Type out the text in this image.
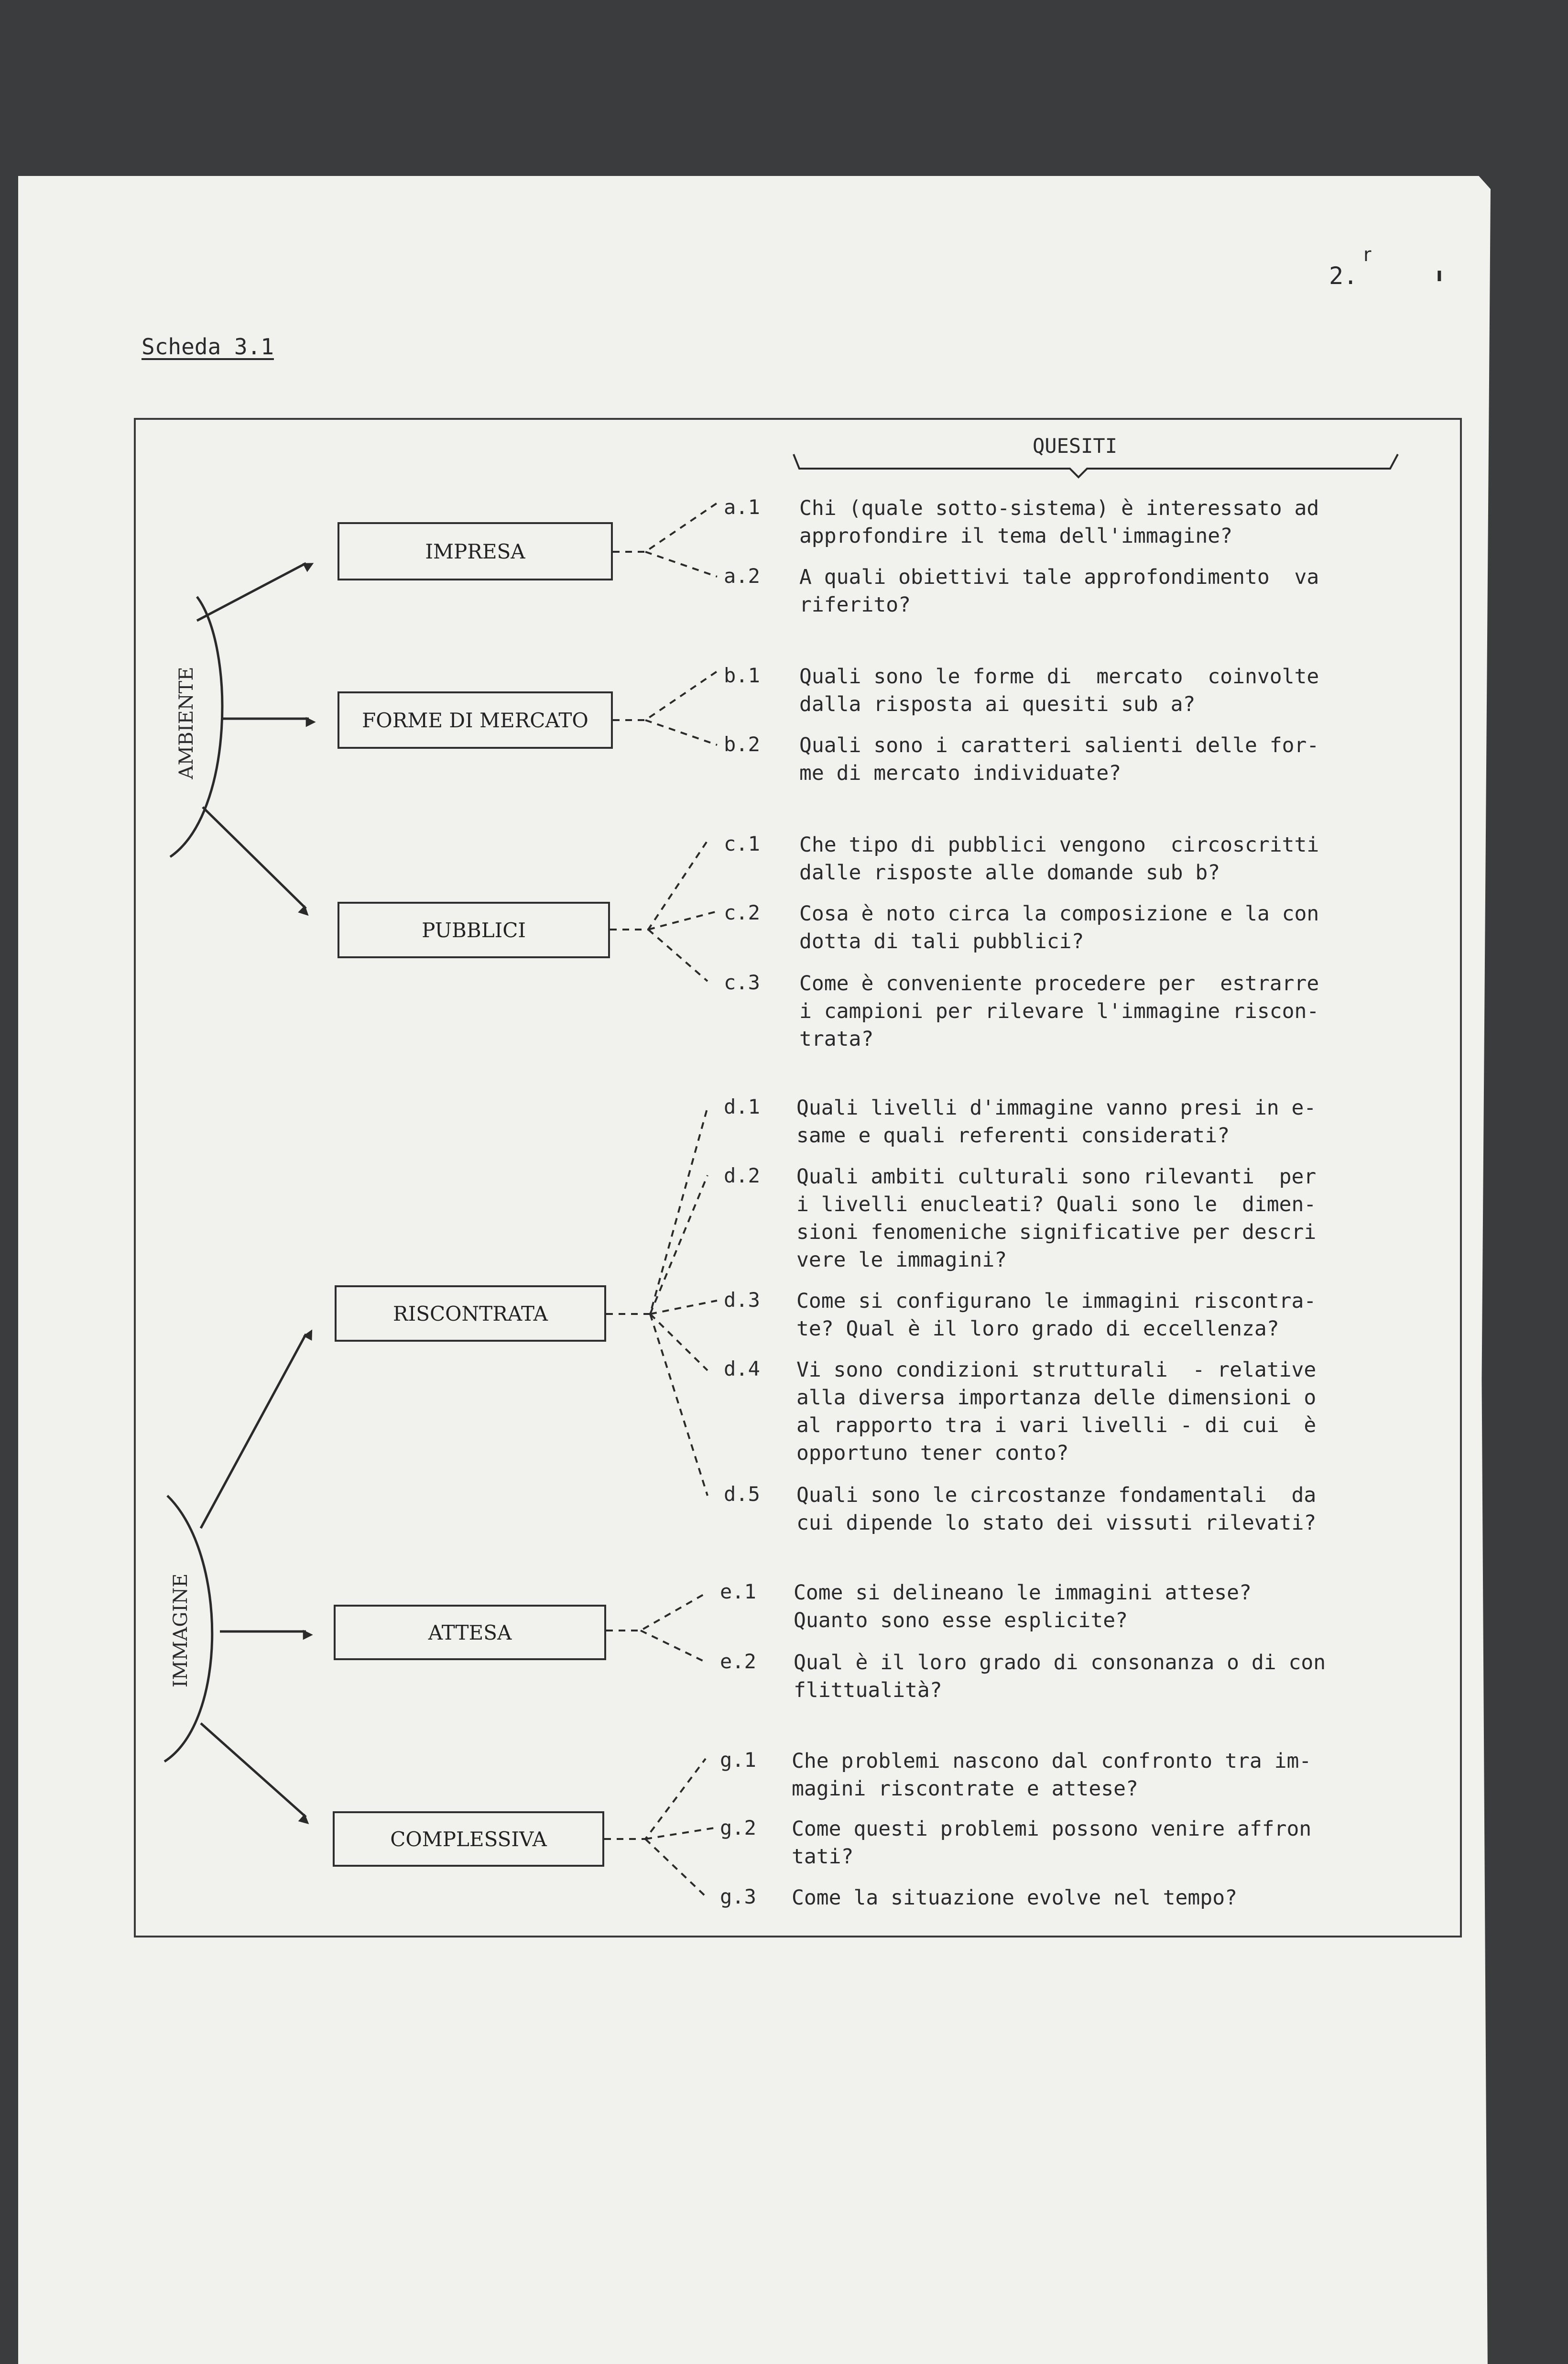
2.
r
ı
Scheda 3.1
QUESITI
AMBIENTE
IMMAGINE
IMPRESA
FORME DI MERCATO
PUBBLICI
RISCONTRATA
ATTESA
COMPLESSIVA
a.1 Chi (quale sotto-sistema) è interessato ad
approfondire il tema dell'immagine?
a.2 A quali obiettivi tale approfondimento  va
riferito?
b.1 Quali sono le forme di  mercato  coinvolte
dalla risposta ai quesiti sub a?
b.2 Quali sono i caratteri salienti delle for-
me di mercato individuate?
c.1 Che tipo di pubblici vengono  circoscritti
dalle risposte alle domande sub b?
c.2 Cosa è noto circa la composizione e la con
dotta di tali pubblici?
c.3 Come è conveniente procedere per  estrarre
i campioni per rilevare l'immagine riscon-
trata?
d.1 Quali livelli d'immagine vanno presi in e-
same e quali referenti considerati?
d.2 Quali ambiti culturali sono rilevanti  per
i livelli enucleati? Quali sono le  dimen-
sioni fenomeniche significative per descri
vere le immagini?
d.3 Come si configurano le immagini riscontra-
te? Qual è il loro grado di eccellenza?
d.4 Vi sono condizioni strutturali  - relative
alla diversa importanza delle dimensioni o
al rapporto tra i vari livelli - di cui  è
opportuno tener conto?
d.5 Quali sono le circostanze fondamentali  da
cui dipende lo stato dei vissuti rilevati?
e.1 Come si delineano le immagini attese?
Quanto sono esse esplicite?
e.2 Qual è il loro grado di consonanza o di con
flittualità?
g.1 Che problemi nascono dal confronto tra im-
magini riscontrate e attese?
g.2 Come questi problemi possono venire affron
tati?
g.3 Come la situazione evolve nel tempo?
